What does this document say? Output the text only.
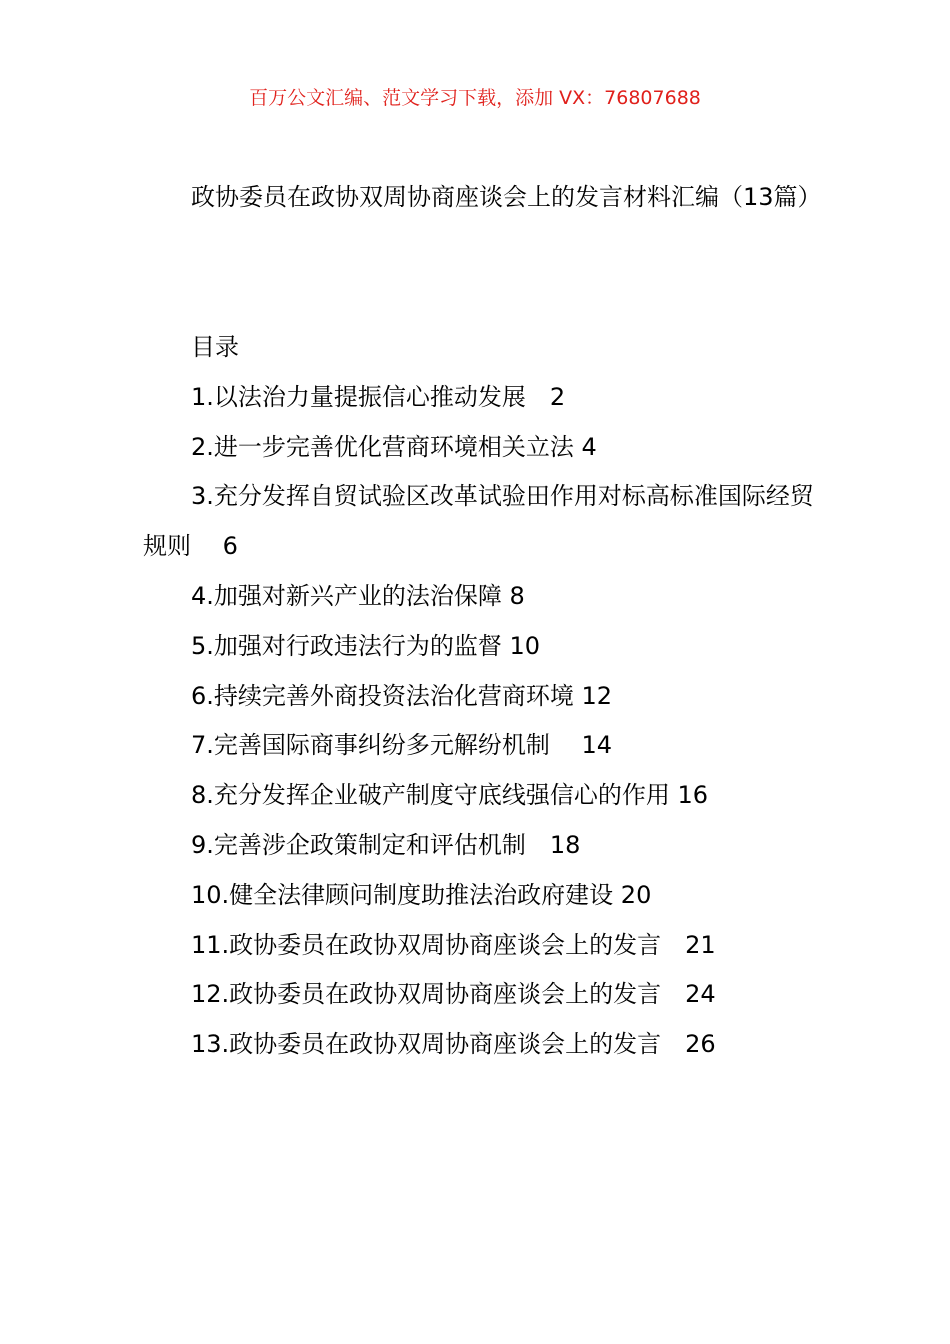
百万公文汇编、范文学习下载，添加 VX：76807688
政协委员在政协双周协商座谈会上的发言材料汇编（13篇）
目录
1.以法治力量提振信心推动发展　2
2.进一步完善优化营商环境相关立法 4
3.充分发挥自贸试验区改革试验田作用对标高标准国际经贸规则　 6
4.加强对新兴产业的法治保障 8
5.加强对行政违法行为的监督 10
6.持续完善外商投资法治化营商环境 12
7.完善国际商事纠纷多元解纷机制　 14
8.充分发挥企业破产制度守底线强信心的作用 16
9.完善涉企政策制定和评估机制　18
10.健全法律顾问制度助推法治政府建设 20
11.政协委员在政协双周协商座谈会上的发言　21
12.政协委员在政协双周协商座谈会上的发言　24
13.政协委员在政协双周协商座谈会上的发言　26
